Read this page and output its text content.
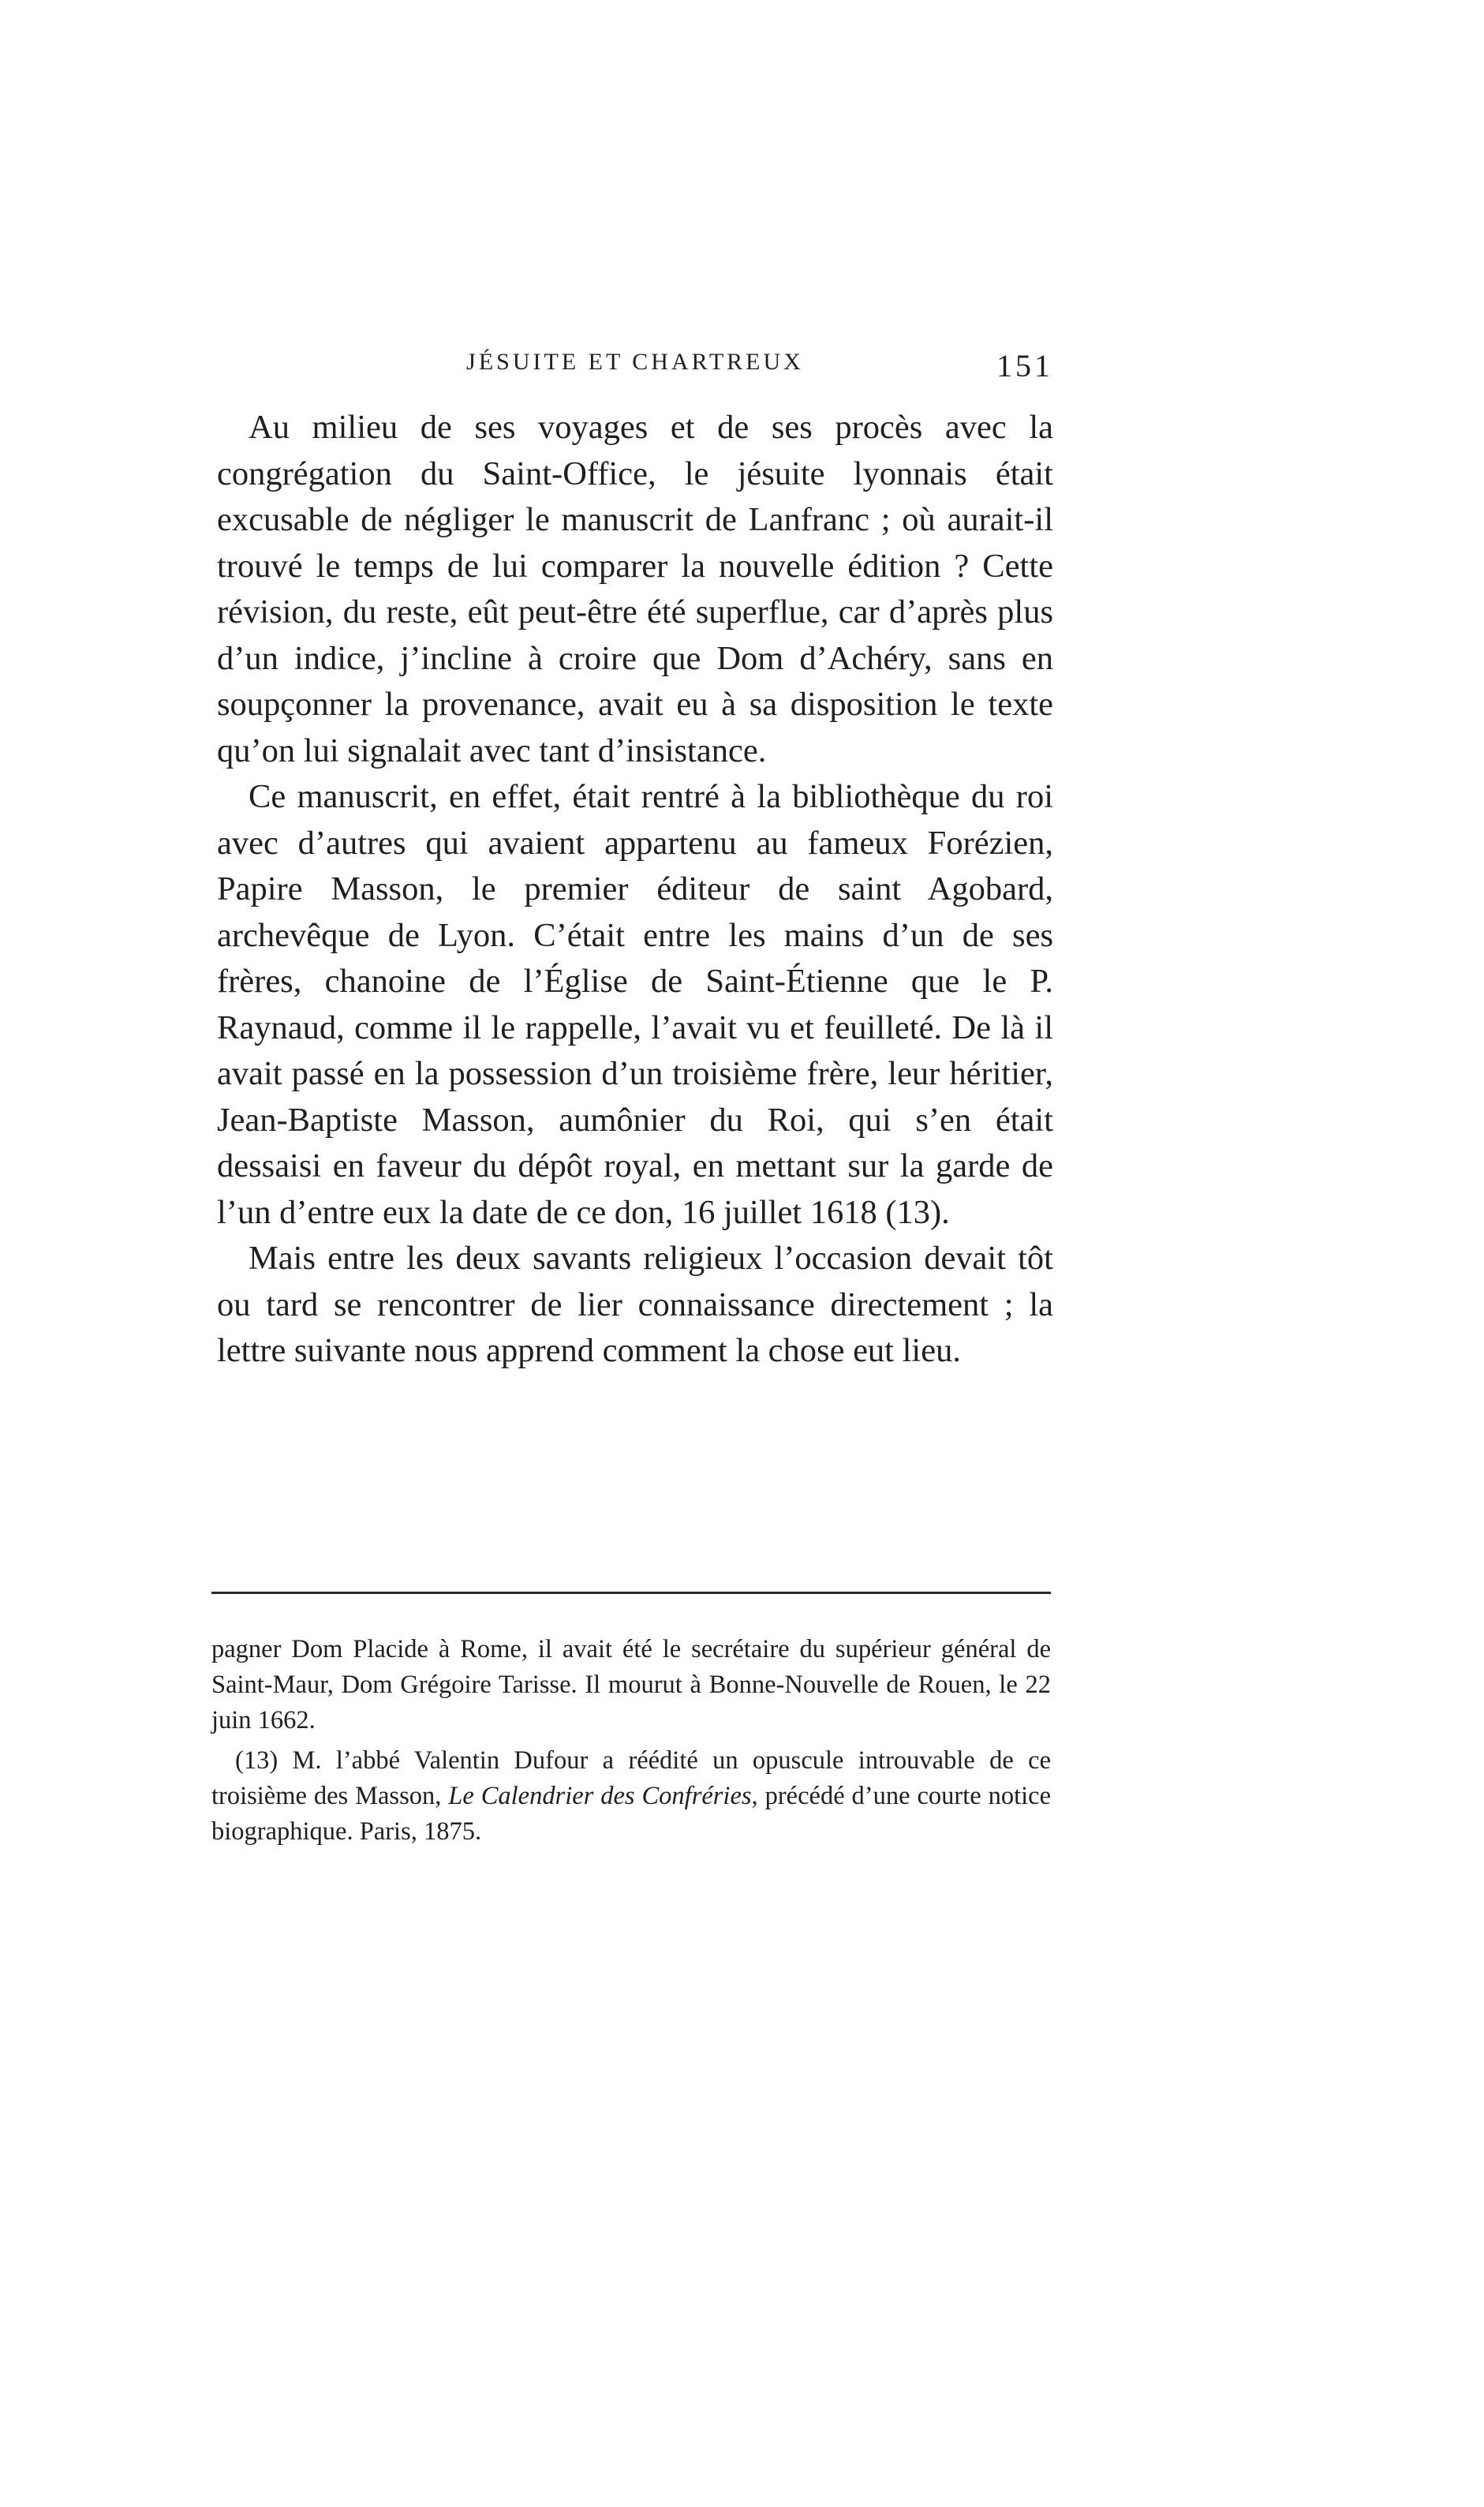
JÉSUITE ET CHARTREUX	151

Au milieu de ses voyages et de ses procès avec la congrégation du Saint-Office, le jésuite lyonnais était excusable de négliger le manuscrit de Lanfranc ; où aurait-il trouvé le temps de lui comparer la nouvelle édition ? Cette révision, du reste, eût peut-être été superflue, car d’après plus d’un indice, j’incline à croire que Dom d’Achéry, sans en soupçonner la provenance, avait eu à sa disposition le texte qu’on lui signalait avec tant d’insistance.

Ce manuscrit, en effet, était rentré à la bibliothèque du roi avec d’autres qui avaient appartenu au fameux Forézien, Papire Masson, le premier éditeur de saint Agobard, archevêque de Lyon. C’était entre les mains d’un de ses frères, chanoine de l’Église de Saint-Étienne que le P. Raynaud, comme il le rappelle, l’avait vu et feuilleté. De là il avait passé en la possession d’un troisième frère, leur héritier, Jean-Baptiste Masson, aumônier du Roi, qui s’en était dessaisi en faveur du dépôt royal, en mettant sur la garde de l’un d’entre eux la date de ce don, 16 juillet 1618 (13).

Mais entre les deux savants religieux l’occasion devait tôt ou tard se rencontrer de lier connaissance directement ; la lettre suivante nous apprend comment la chose eut lieu.

pagner Dom Placide à Rome, il avait été le secrétaire du supérieur général de Saint-Maur, Dom Grégoire Tarisse. Il mourut à Bonne-Nouvelle de Rouen, le 22 juin 1662.

(13) M. l’abbé Valentin Dufour a réédité un opuscule introuvable de ce troisième des Masson, Le Calendrier des Confréries, précédé d’une courte notice biographique. Paris, 1875.
